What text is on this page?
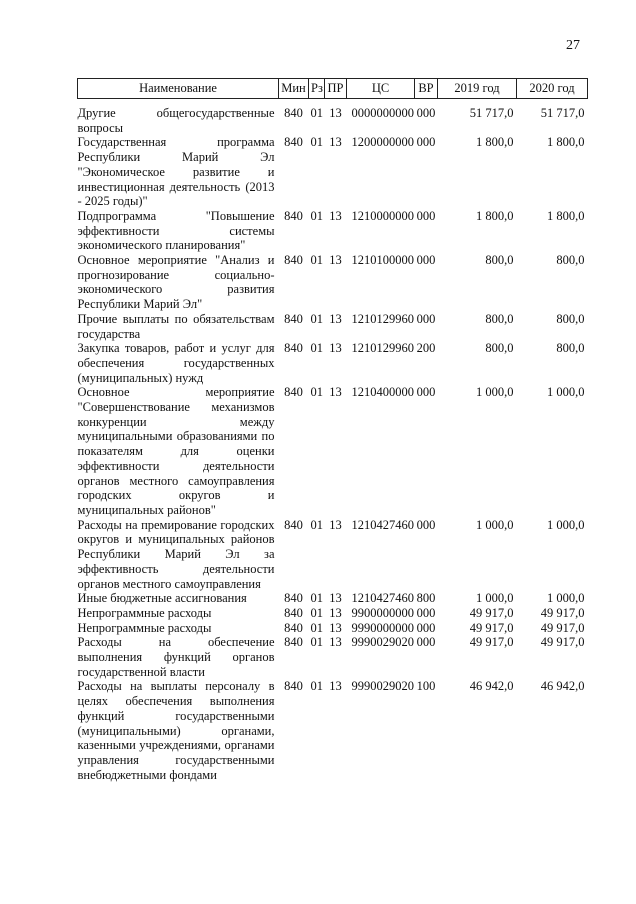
27
Наименование	Мин	Рз	ПР	ЦС	ВР	2019 год	2020 год
Другие общегосударственные вопросы	840	01	13	0000000000	000	51 717,0	51 717,0
Государственная программа Республики Марий Эл "Экономическое развитие и инвестиционная деятельность (2013 - 2025 годы)"	840	01	13	1200000000	000	1 800,0	1 800,0
Подпрограмма "Повышение эффективности системы экономического планирования"	840	01	13	1210000000	000	1 800,0	1 800,0
Основное мероприятие "Анализ и прогнозирование социально-экономического развития Республики Марий Эл"	840	01	13	1210100000	000	800,0	800,0
Прочие выплаты по обязательствам государства	840	01	13	1210129960	000	800,0	800,0
Закупка товаров, работ и услуг для обеспечения государственных (муниципальных) нужд	840	01	13	1210129960	200	800,0	800,0
Основное мероприятие "Совершенствование механизмов конкуренции между муниципальными образованиями по показателям для оценки эффективности деятельности органов местного самоуправления городских округов и муниципальных районов"	840	01	13	1210400000	000	1 000,0	1 000,0
Расходы на премирование городских округов и муниципальных районов Республики Марий Эл за эффективность деятельности органов местного самоуправления	840	01	13	1210427460	000	1 000,0	1 000,0
Иные бюджетные ассигнования	840	01	13	1210427460	800	1 000,0	1 000,0
Непрограммные расходы	840	01	13	9900000000	000	49 917,0	49 917,0
Непрограммные расходы	840	01	13	9990000000	000	49 917,0	49 917,0
Расходы на обеспечение выполнения функций органов государственной власти	840	01	13	9990029020	000	49 917,0	49 917,0
Расходы на выплаты персоналу в целях обеспечения выполнения функций государственными (муниципальными) органами, казенными учреждениями, органами управления государственными внебюджетными фондами	840	01	13	9990029020	100	46 942,0	46 942,0
